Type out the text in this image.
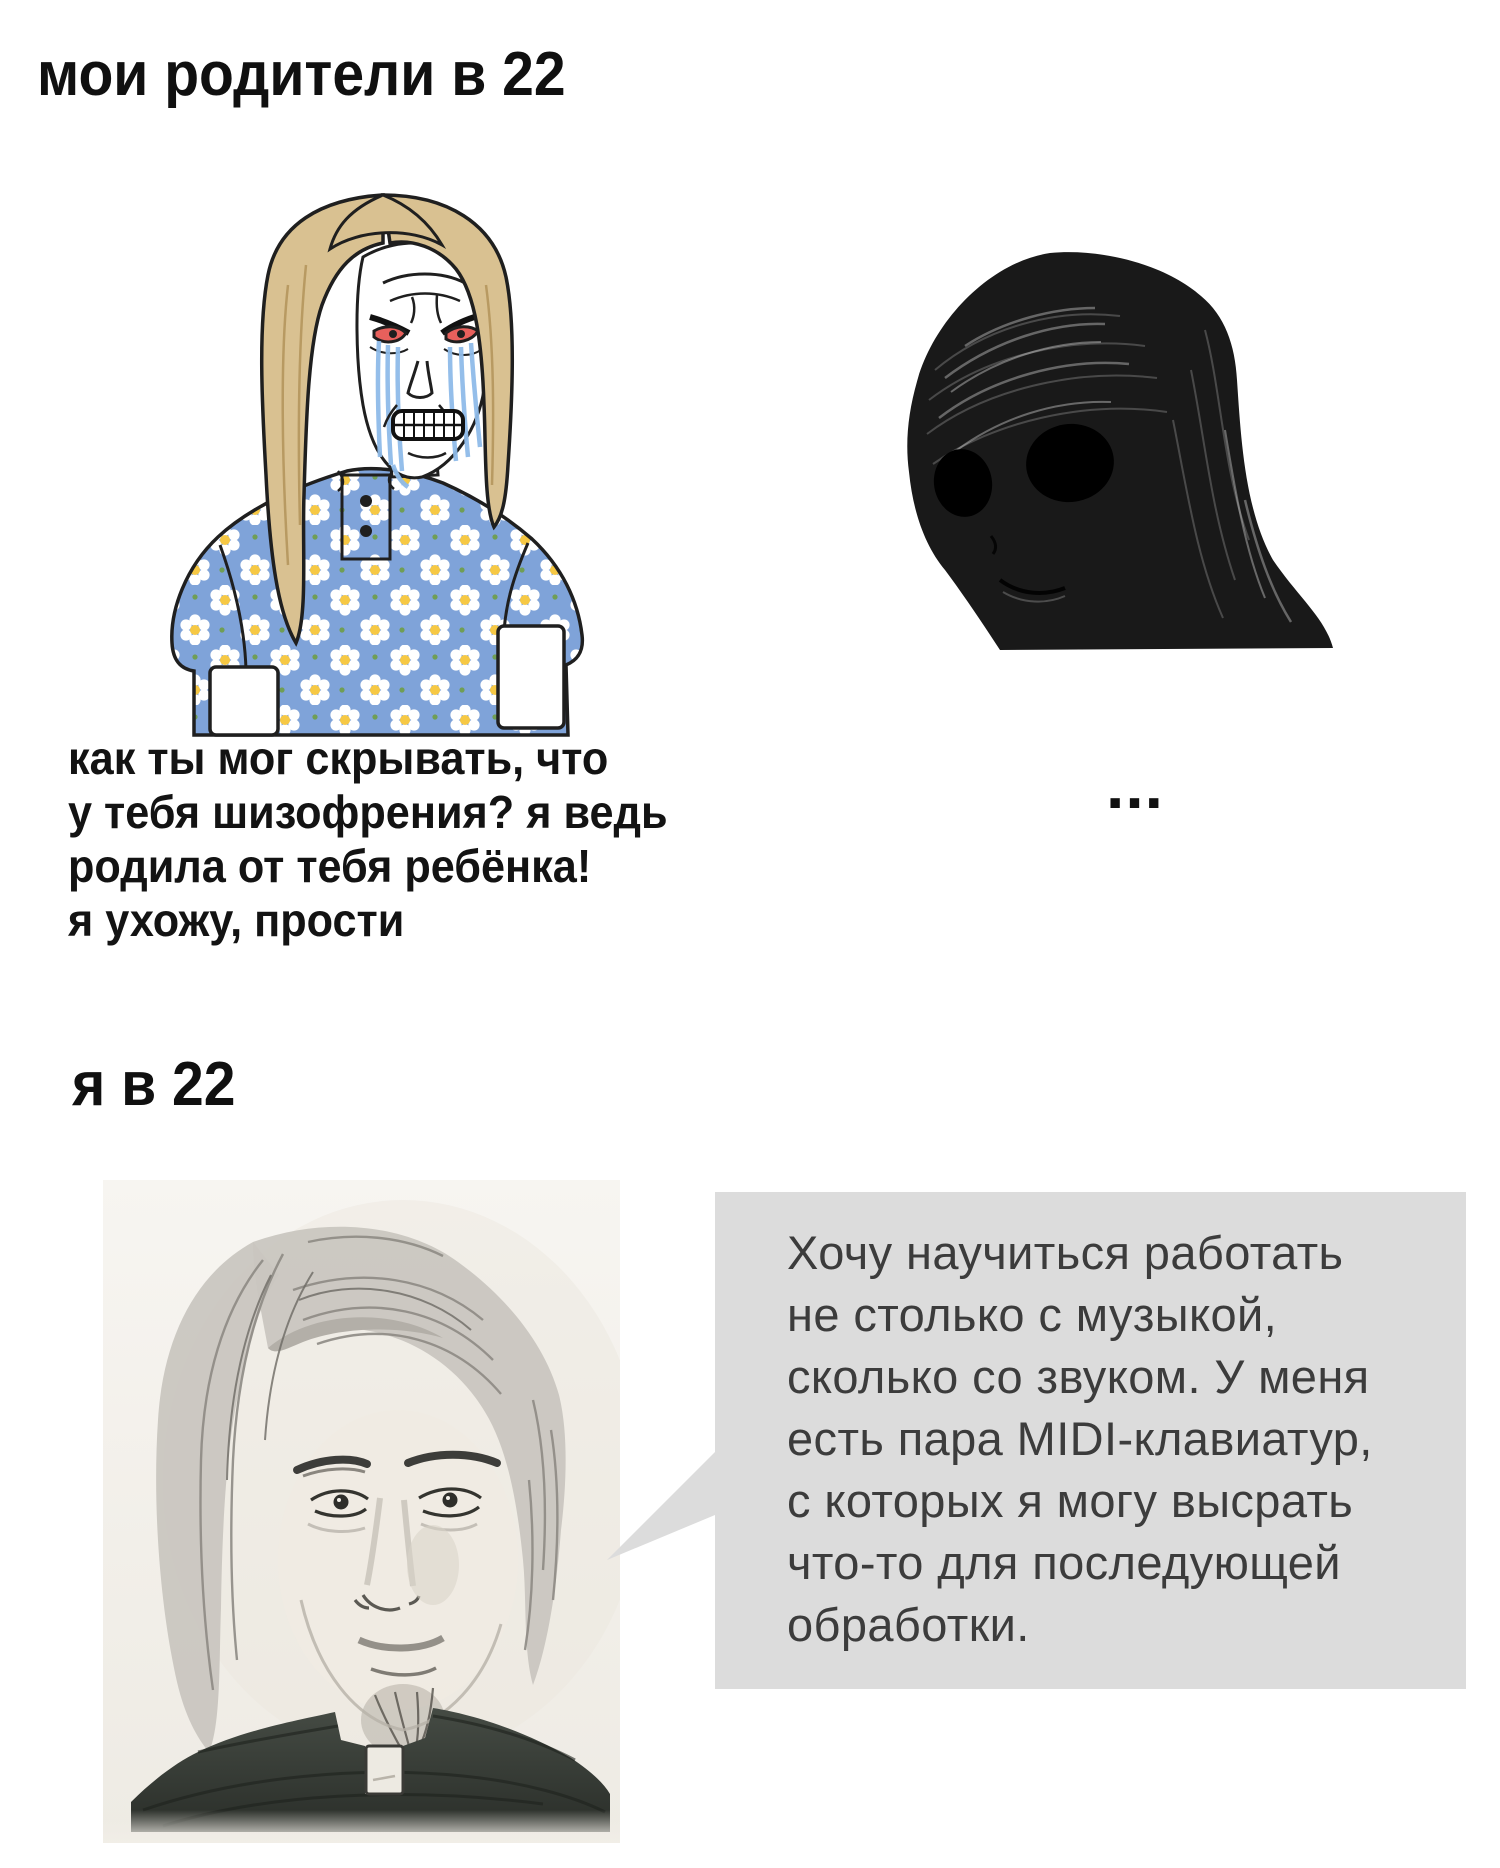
мои родители в 22
как ты мог скрывать, что
у тебя шизофрения? я ведь
родила от тебя ребёнка!
я ухожу, прости
...
я в 22
Хочу научиться работать
не столько с музыкой,
сколько со звуком. У меня
есть пара MIDI-клавиатур,
с которых я могу высрать
что-то для последующей
обработки.
